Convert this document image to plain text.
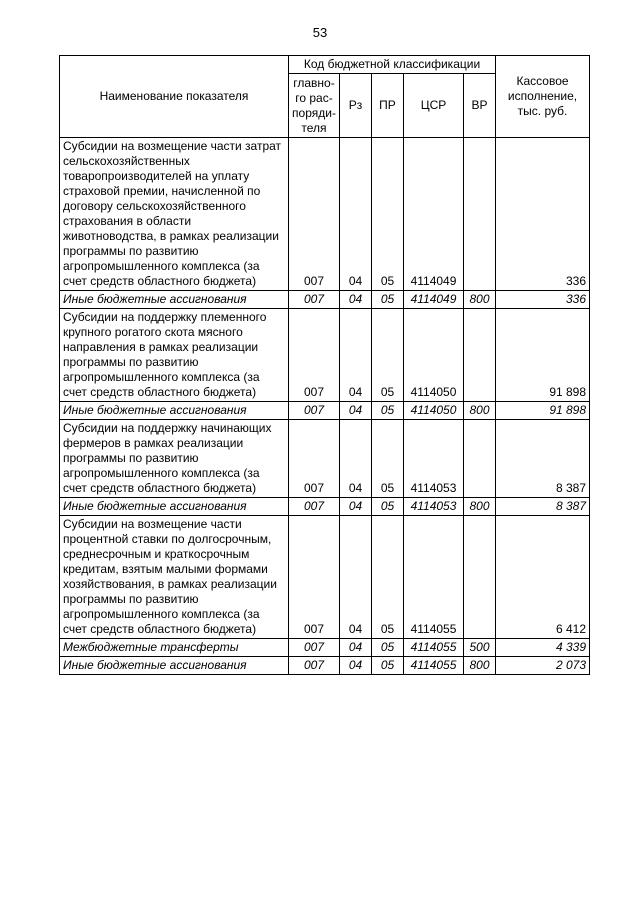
53
Наименование показателя	Код бюджетной классификации					Кассовое исполнение, тыс. руб.
	главно-го рас-поряди-теля	Рз	ПР	ЦСР	ВР	
Субсидии на возмещение части затрат сельскохозяйственных товаропроизводителей на уплату страховой премии, начисленной по договору сельскохозяйственного страхования в области животноводства, в рамках реализации программы по развитию агропромышленного комплекса (за счет средств областного бюджета)	007	04	05	4114049		336
Иные бюджетные ассигнования	007	04	05	4114049	800	336
Субсидии на поддержку племенного крупного рогатого скота мясного направления в рамках реализации программы по развитию агропромышленного комплекса (за счет средств областного бюджета)	007	04	05	4114050		91 898
Иные бюджетные ассигнования	007	04	05	4114050	800	91 898
Субсидии на поддержку начинающих фермеров в рамках реализации программы по развитию агропромышленного комплекса (за счет средств областного бюджета)	007	04	05	4114053		8 387
Иные бюджетные ассигнования	007	04	05	4114053	800	8 387
Субсидии на возмещение части процентной ставки по долгосрочным, среднесрочным и краткосрочным кредитам, взятым малыми формами хозяйствования, в рамках реализации программы по развитию агропромышленного комплекса (за счет средств областного бюджета)	007	04	05	4114055		6 412
Межбюджетные трансферты	007	04	05	4114055	500	4 339
Иные бюджетные ассигнования	007	04	05	4114055	800	2 073
